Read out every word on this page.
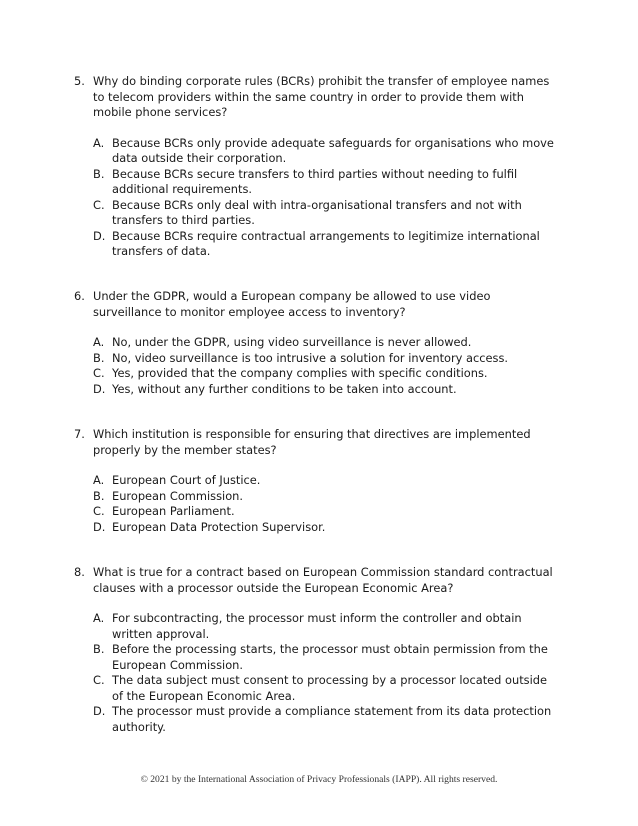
5. Why do binding corporate rules (BCRs) prohibit the transfer of employee names to telecom providers within the same country in order to provide them with mobile phone services?
A. Because BCRs only provide adequate safeguards for organisations who move data outside their corporation.
B. Because BCRs secure transfers to third parties without needing to fulfil additional requirements.
C. Because BCRs only deal with intra-organisational transfers and not with transfers to third parties.
D. Because BCRs require contractual arrangements to legitimize international transfers of data.
6. Under the GDPR, would a European company be allowed to use video surveillance to monitor employee access to inventory?
A. No, under the GDPR, using video surveillance is never allowed.
B. No, video surveillance is too intrusive a solution for inventory access.
C. Yes, provided that the company complies with specific conditions.
D. Yes, without any further conditions to be taken into account.
7. Which institution is responsible for ensuring that directives are implemented properly by the member states?
A. European Court of Justice.
B. European Commission.
C. European Parliament.
D. European Data Protection Supervisor.
8. What is true for a contract based on European Commission standard contractual clauses with a processor outside the European Economic Area?
A. For subcontracting, the processor must inform the controller and obtain written approval.
B. Before the processing starts, the processor must obtain permission from the European Commission.
C. The data subject must consent to processing by a processor located outside of the European Economic Area.
D. The processor must provide a compliance statement from its data protection authority.
© 2021 by the International Association of Privacy Professionals (IAPP). All rights reserved.
